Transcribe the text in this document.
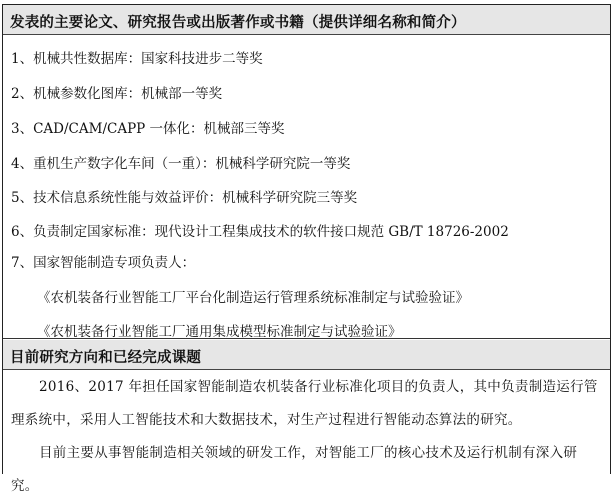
发表的主要论文、研究报告或出版著作或书籍（提供详细名称和简介）
1、机械共性数据库：国家科技进步二等奖
2、机械参数化图库：机械部一等奖
3、CAD/CAM/CAPP 一体化：机械部三等奖
4、重机生产数字化车间（一重）：机械科学研究院一等奖
5、技术信息系统性能与效益评价：机械科学研究院三等奖
6、负责制定国家标准：现代设计工程集成技术的软件接口规范 GB/T 18726-2002
7、国家智能制造专项负责人：
《农机装备行业智能工厂平台化制造运行管理系统标准制定与试验验证》
《农机装备行业智能工厂通用集成模型标准制定与试验验证》
目前研究方向和已经完成课题
2016、2017 年担任国家智能制造农机装备行业标准化项目的负责人，其中负责制造运行管理系统中，采用人工智能技术和大数据技术，对生产过程进行智能动态算法的研究。
目前主要从事智能制造相关领域的研发工作，对智能工厂的核心技术及运行机制有深入研究。
